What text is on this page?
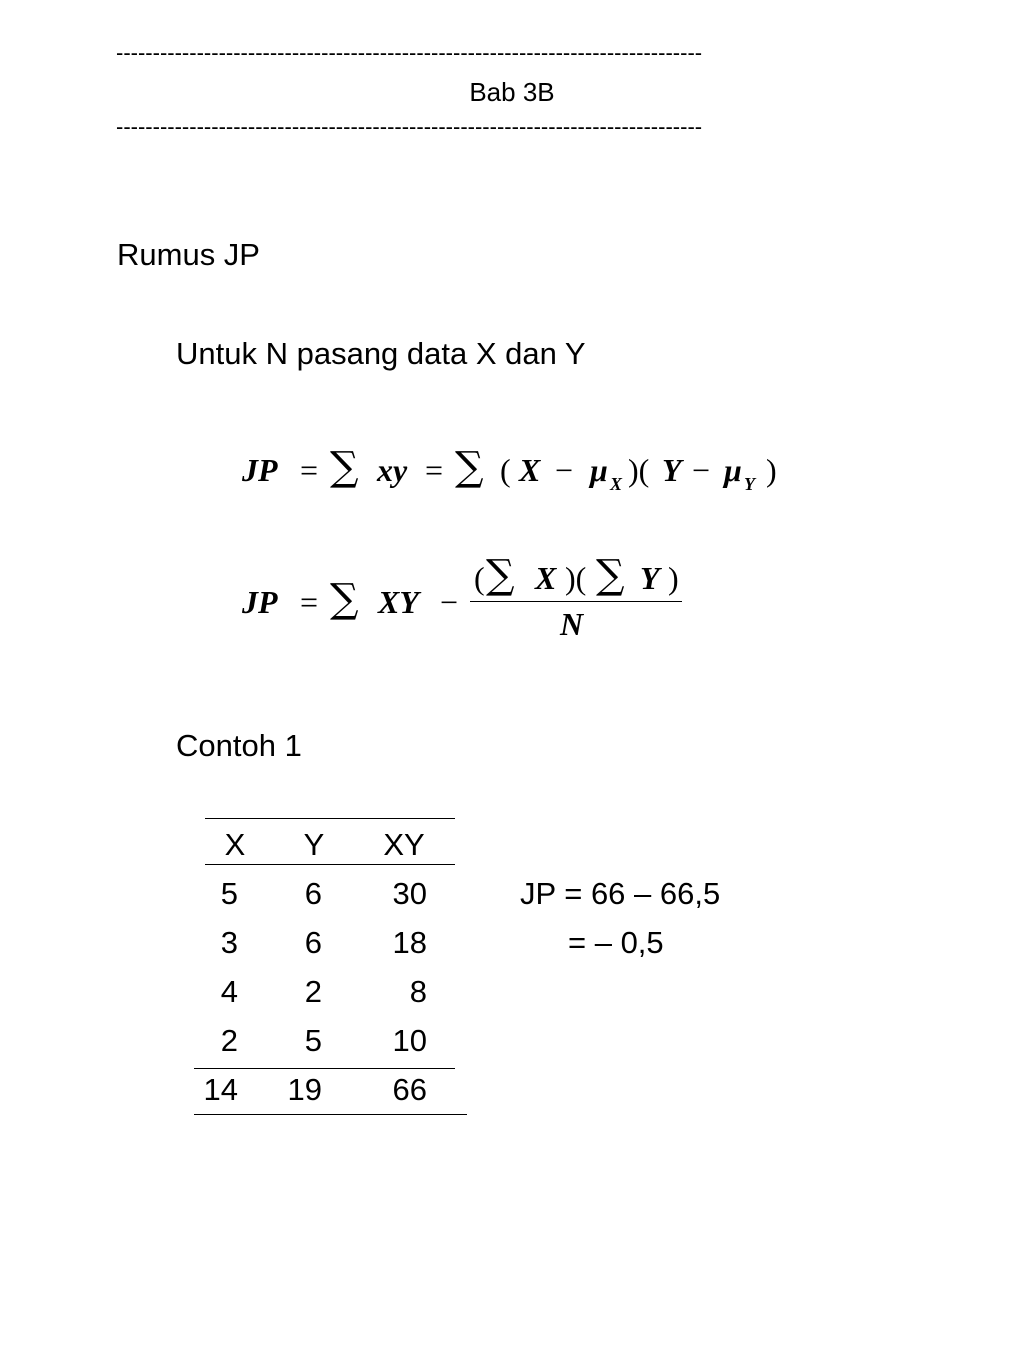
--------------------------------------------------------------------------------
Bab 3B
--------------------------------------------------------------------------------
Rumus JP
Untuk N pasang data X dan Y
JP = ∑ xy = ∑ ( X − μ X )( Y − μ Y )
JP = ∑ XY −
( ∑ X )( ∑ Y )
N
Contoh 1
X	Y	XY
5	6	30
3	6	18
4	2	8
2	5	10
14	19	66
JP = 66 – 66,5
= – 0,5
